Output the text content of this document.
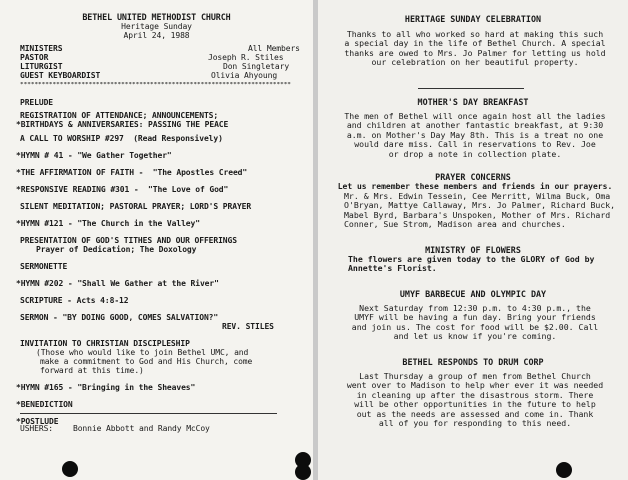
BETHEL UNITED METHODIST CHURCH
Heritage Sunday
April 24, 1988
MINISTERS	All Members
PASTOR	Joseph R. Stiles
LITURGIST	Don Singletary
GUEST KEYBOARDIST	Olivia Ahyoung
***************************************************************************
PRELUDE
REGISTRATION OF ATTENDANCE; ANNOUNCEMENTS;
*BIRTHDAYS & ANNIVERSARIES: PASSING THE PEACE
A CALL TO WORSHIP #297  (Read Responsively)
*HYMN # 41 - "We Gather Together"
*THE AFFIRMATION OF FAITH -  "The Apostles Creed"
*RESPONSIVE READING #301 -  "The Love of God"
SILENT MEDITATION; PASTORAL PRAYER; LORD'S PRAYER
*HYMN #121 - "The Church in the Valley"
PRESENTATION OF GOD'S TITHES AND OUR OFFERINGS
Prayer of Dedication; The Doxology
SERMONETTE
*HYMN #202 - "Shall We Gather at the River"
SCRIPTURE - Acts 4:8-12
SERMON - "BY DOING GOOD, COMES SALVATION?"
REV. STILES
INVITATION TO CHRISTIAN DISCIPLESHIP
(Those who would like to join Bethel UMC, and
make a commitment to God and His Church, come
forward at this time.)
*HYMN #165 - "Bringing in the Sheaves"
*BENEDICTION
*POSTLUDE
USHERS: Bonnie Abbott and Randy McCoy
HERITAGE SUNDAY CELEBRATION
Thanks to all who worked so hard at making this such
a special day in the life of Bethel Church. A special
thanks are owed to Mrs. Jo Palmer for letting us hold
our celebration on her beautiful property.
MOTHER'S DAY BREAKFAST
The men of Bethel will once again host all the ladies
and children at another fantastic breakfast, at 9:30
a.m. on Mother's Day May 8th. This is a treat no one
would dare miss. Call in reservations to Rev. Joe
or drop a note in collection plate.
PRAYER CONCERNS
Let us remember these members and friends in our prayers.
Mr. & Mrs. Edwin Tessein, Cee Merritt, Wilma Buck, Oma
O'Bryan, Mattye Callaway, Mrs. Jo Palmer, Richard Buck,
Mabel Byrd, Barbara's Unspoken, Mother of Mrs. Richard
Conner, Sue Strom, Madison area and churches.
MINISTRY OF FLOWERS
The flowers are given today to the GLORY of God by
Annette's Florist.
UMYF BARBECUE AND OLYMPIC DAY
Next Saturday from 12:30 p.m. to 4:30 p.m., the
UMYF will be having a fun day. Bring your friends
and join us. The cost for food will be $2.00. Call
and let us know if you're coming.
BETHEL RESPONDS TO DRUM CORP
Last Thursday a group of men from Bethel Church
went over to Madison to help wher ever it was needed
in cleaning up after the disastrous storm. There
will be other opportunities in the future to help
out as the needs are assessed and come in. Thank
all of you for responding to this need.
